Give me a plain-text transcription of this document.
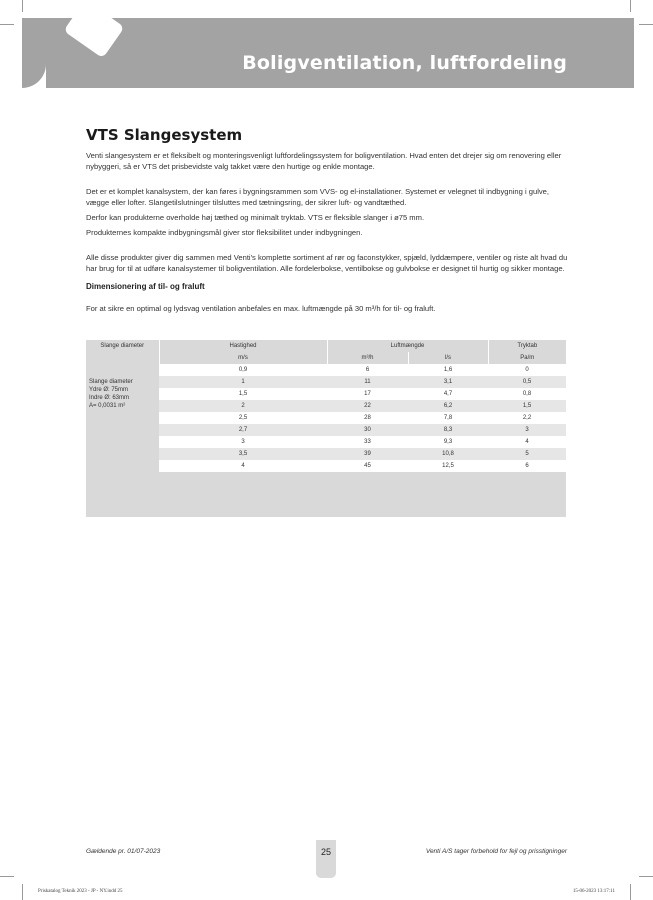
Boligventilation, luftfordeling
VTS Slangesystem

Venti slangesystem er et fleksibelt og monteringsvenligt luftfordelingssystem for boligventilation. Hvad enten det drejer sig om renovering eller nybyggeri, så er VTS det prisbevidste valg takket være den hurtige og enkle montage.

Det er et komplet kanalsystem, der kan føres i bygningsrammen som VVS- og el-installationer. Systemet er velegnet til indbygning i gulve, vægge eller lofter. Slangetilslutninger tilsluttes med tætningsring, der sikrer luft- og vandtæthed.

Derfor kan produkterne overholde høj tæthed og minimalt tryktab. VTS er fleksible slanger i ø75 mm.

Produkternes kompakte indbygningsmål giver stor fleksibilitet under indbygningen.

Alle disse produkter giver dig sammen med Venti's komplette sortiment af rør og faconstykker, spjæld, lyddæmpere, ventiler og riste alt hvad du har brug for til at udføre kanalsystemer til boligventilation. Alle fordelerbokse, ventilbokse og gulvbokse er designet til hurtig og sikker montage.

Dimensionering af til- og fraluft

For at sikre en optimal og lydsvag ventilation anbefales en max. luftmængde på 30 m³/h for til- og fraluft.

Slange diameter	Hastighed	Luftmængde		Tryktab
	m/s	m³/h	l/s	Pa/m

Slange diameter
Ydre Ø: 75mm
Indre Ø: 63mm
A= 0,0031 m²	0,9	6	1,6	0
	1	11	3,1	0,5
	1,5	17	4,7	0,8
	2	22	6,2	1,5
	2,5	28	7,8	2,2
	2,7	30	8,3	3
	3	33	9,3	4
	3,5	39	10,8	5
	4	45	12,5	6
Gældende pr. 01/07-2023	25	Venti A/S tager forbehold for fejl og prisstigninger
Priskatalog Teknik 2023 - JP - NY.indd 25	15-06-2023 13:17:11
